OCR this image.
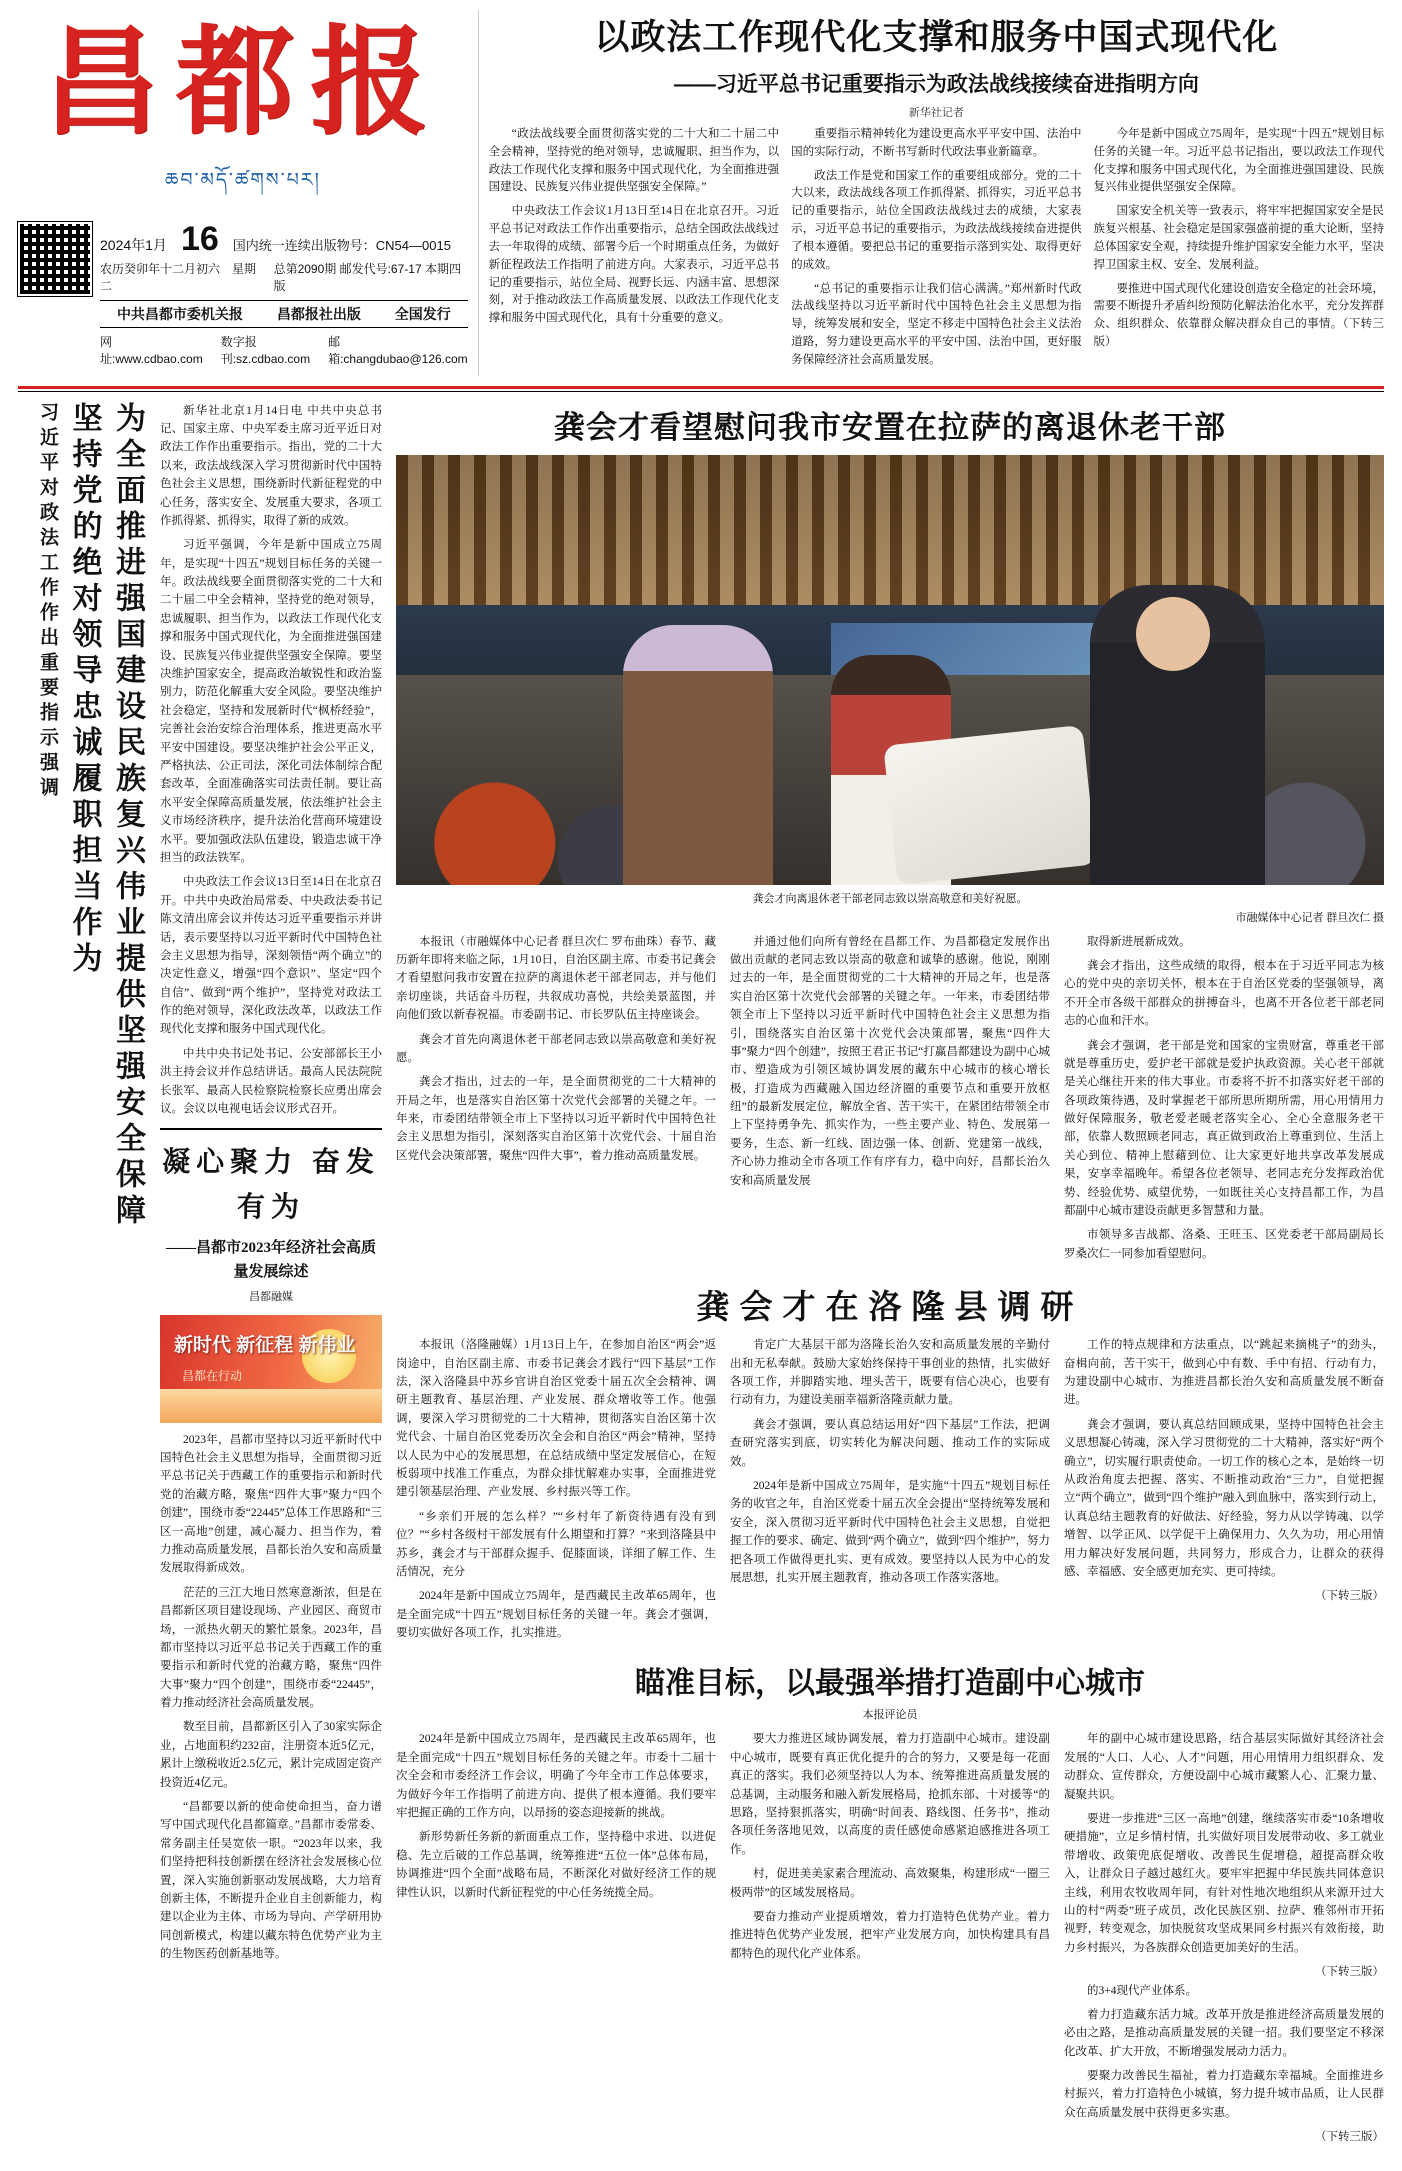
昌都报
ཆབ་མདོ་ཚགས་པར།
2024年1月 16 国内统一连续出版物号：CN54—0015
农历癸卯年十二月初六　星期二
总第2090期 邮发代号:67-17 本期四版
中共昌都市委机关报 昌都报社出版 全国发行
网 址:www.cdbao.com
数字报刊:sz.cdbao.com
邮 箱:changdubao@126.com
以政法工作现代化支撑和服务中国式现代化
——习近平总书记重要指示为政法战线接续奋进指明方向
新华社记者

“政法战线要全面贯彻落实党的二十大和二十届二中全会精神，坚持党的绝对领导，忠诚履职、担当作为，以政法工作现代化支撑和服务中国式现代化，为全面推进强国建设、民族复兴伟业提供坚强安全保障。”

中央政法工作会议1月13日至14日在北京召开。习近平总书记对政法工作作出重要指示，总结全国政法战线过去一年取得的成绩、部署今后一个时期重点任务，为做好新征程政法工作指明了前进方向。大家表示，习近平总书记的重要指示，站位全局、视野长远、内涵丰富、思想深刻，对于推动政法工作高质量发展、以政法工作现代化支撑和服务中国式现代化，具有十分重要的意义。

重要指示精神转化为建设更高水平平安中国、法治中国的实际行动，不断书写新时代政法事业新篇章。

政法工作是党和国家工作的重要组成部分。党的二十大以来，政法战线各项工作抓得紧、抓得实，习近平总书记的重要指示，站位全国政法战线过去的成绩，大家表示，习近平总书记的重要指示，为政法战线接续奋进提供了根本遵循。要把总书记的重要指示落到实处、取得更好的成效。

“总书记的重要指示让我们信心满满。”郑州新时代政法战线坚持以习近平新时代中国特色社会主义思想为指导，统筹发展和安全，坚定不移走中国特色社会主义法治道路，努力建设更高水平的平安中国、法治中国，更好服务保障经济社会高质量发展。

今年是新中国成立75周年，是实现“十四五”规划目标任务的关键一年。习近平总书记指出，要以政法工作现代化支撑和服务中国式现代化，为全面推进强国建设、民族复兴伟业提供坚强安全保障。

国家安全机关等一致表示，将牢牢把握国家安全是民族复兴根基、社会稳定是国家强盛前提的重大论断，坚持总体国家安全观，持续提升维护国家安全能力水平，坚决捍卫国家主权、安全、发展利益。

要推进中国式现代化建设创造安全稳定的社会环境，需要不断提升矛盾纠纷预防化解法治化水平，充分发挥群众、组织群众、依靠群众解决群众自己的事情。（下转三版）

为全面推进强国建设民族复兴伟业提供坚强安全保障
坚持党的绝对领导忠诚履职担当作为
习近平对政法工作作出重要指示强调	新华社北京1月14日电 中共中央总书记、国家主席、中央军委主席习近平近日对政法工作作出重要指示。指出，党的二十大以来，政法战线深入学习贯彻新时代中国特色社会主义思想，围绕新时代新征程党的中心任务，落实安全、发展重大要求，各项工作抓得紧、抓得实，取得了新的成效。

习近平强调，今年是新中国成立75周年，是实现“十四五”规划目标任务的关键一年。政法战线要全面贯彻落实党的二十大和二十届二中全会精神，坚持党的绝对领导，忠诚履职、担当作为，以政法工作现代化支撑和服务中国式现代化，为全面推进强国建设、民族复兴伟业提供坚强安全保障。要坚决维护国家安全，提高政治敏锐性和政治鉴别力，防范化解重大安全风险。要坚决维护社会稳定，坚持和发展新时代“枫桥经验”，完善社会治安综合治理体系，推进更高水平平安中国建设。要坚决维护社会公平正义，严格执法、公正司法，深化司法体制综合配套改革，全面准确落实司法责任制。要让高水平安全保障高质量发展，依法维护社会主义市场经济秩序，提升法治化营商环境建设水平。要加强政法队伍建设，锻造忠诚干净担当的政法铁军。

中央政法工作会议13日至14日在北京召开。中共中央政治局常委、中央政法委书记陈文清出席会议并传达习近平重要指示并讲话，表示要坚持以习近平新时代中国特色社会主义思想为指导，深刻领悟“两个确立”的决定性意义，增强“四个意识”、坚定“四个自信”、做到“两个维护”，坚持党对政法工作的绝对领导，深化政法改革，以政法工作现代化支撑和服务中国式现代化。

中共中央书记处书记、公安部部长王小洪主持会议并作总结讲话。最高人民法院院长张军、最高人民检察院检察长应勇出席会议。会议以电视电话会议形式召开。

凝心聚力 奋发有为
——昌都市2023年经济社会高质量发展综述
昌都融媒
新时代 新征程 新伟业
昌都在行动

2023年，昌都市坚持以习近平新时代中国特色社会主义思想为指导，全面贯彻习近平总书记关于西藏工作的重要指示和新时代党的治藏方略，聚焦“四件大事”聚力“四个创建”，围绕市委“22445”总体工作思路和“三区一高地”创建，减心凝力、担当作为，着力推动高质量发展，昌都长治久安和高质量发展取得新成效。

茫茫的三江大地日然寒意渐浓，但是在昌都新区项目建设现场、产业园区、商贸市场，一派热火朝天的繁忙景象。2023年，昌都市坚持以习近平总书记关于西藏工作的重要指示和新时代党的治藏方略，聚焦“四件大事”聚力“四个创建”，围绕市委“22445”，着力推动经济社会高质量发展。

数至目前，昌都新区引入了30家实际企业，占地面积约232亩，注册资本近5亿元，累计上缴税收近2.5亿元，累计完成固定资产投资近4亿元。

“昌都要以新的使命使命担当，奋力谱写中国式现代化昌都篇章。”昌都市委常委、常务副主任吴宽依一职。“2023年以来，我们坚持把科技创新摆在经济社会发展核心位置，深入实施创新驱动发展战略，大力培育创新主体，不断提升企业自主创新能力，构建以企业为主体、市场为导向、产学研用协同创新模式，构建以藏东特色优势产业为主的生物医药创新基地等。

龚会才看望慰问我市安置在拉萨的离退休老干部
龚会才向离退休老干部老同志致以崇高敬意和美好祝愿。
市融媒体中心记者 群旦次仁 摄

本报讯（市融媒体中心记者 群旦次仁 罗布曲珠）春节、藏历新年即将来临之际，1月10日，自治区副主席、市委书记龚会才看望慰问我市安置在拉萨的离退休老干部老同志，并与他们亲切座谈，共话奋斗历程，共叙成功喜悦，共绘美景蓝图，并向他们致以新春祝福。市委副书记、市长罗队伍主持座谈会。

龚会才首先向离退休老干部老同志致以崇高敬意和美好祝愿。

龚会才指出，过去的一年，是全面贯彻党的二十大精神的开局之年，也是落实自治区第十次党代会部署的关键之年。一年来，市委团结带领全市上下坚持以习近平新时代中国特色社会主义思想为指引，深刻落实自治区第十次党代会、十届自治区党代会决策部署，聚焦“四件大事”，着力推动高质量发展。

并通过他们向所有曾经在昌都工作、为昌都稳定发展作出做出贡献的老同志致以崇高的敬意和诚挚的感谢。他说，刚刚过去的一年，是全面贯彻党的二十大精神的开局之年，也是落实自治区第十次党代会部署的关键之年。一年来，市委团结带领全市上下坚持以习近平新时代中国特色社会主义思想为指引，围绕落实自治区第十次党代会决策部署，聚焦“四件大事”聚力“四个创建”，按照王君正书记“打赢昌都建设为副中心城市、塑造成为引领区域协调发展的藏东中心城市的核心增长极，打造成为西藏融入国边经济圈的重要节点和重要开放枢纽”的最新发展定位，解放全省、苦干实干，在紧团结带领全市上下坚持勇争先、抓实作为，一些主要产业、特色、发展第一要务，生态、新一红线、固边强一体、创新、党建第一战线，齐心协力推动全市各项工作有序有力，稳中向好，昌都长治久安和高质量发展

取得新进展新成效。

龚会才指出，这些成绩的取得，根本在于习近平同志为核心的党中央的亲切关怀，根本在于自治区党委的坚强领导，离不开全市各级干部群众的拼搏奋斗，也离不开各位老干部老同志的心血和汗水。

龚会才强调，老干部是党和国家的宝贵财富，尊重老干部就是尊重历史，爱护老干部就是爱护执政资源。关心老干部就是关心继往开来的伟大事业。市委将不折不扣落实好老干部的各项政策待遇，及时掌握老干部所思所期所需，用心用情用力做好保障服务，敬老爱老暖老落实全心、全心全意服务老干部，依靠人数照顾老同志，真正做到政治上尊重到位、生活上关心到位、精神上慰藉到位、让大家更好地共享改革发展成果，安享幸福晚年。希望各位老领导、老同志充分发挥政治优势、经验优势、威望优势，一如既往关心支持昌都工作，为昌都副中心城市建设贡献更多智慧和力量。

市领导多吉战都、洛桑、王旺玉、区党委老干部局副局长罗桑次仁一同参加看望慰问。

龚会才在洛隆县调研

本报讯（洛隆融媒）1月13日上午，在参加自治区“两会”返岗途中，自治区副主席、市委书记龚会才践行“四下基层”工作法，深入洛隆县中苏乡官讲自治区党委十届五次全会精神、调研主题教育、基层治理、产业发展、群众增收等工作。他强调，要深入学习贯彻党的二十大精神，贯彻落实自治区第十次党代会、十届自治区党委历次全会和自治区“两会”精神，坚持以人民为中心的发展思想，在总结成绩中坚定发展信心，在短板弱项中找准工作重点，为群众排忧解难办实事，全面推进党建引领基层治理、产业发展、乡村振兴等工作。

“乡亲们开展的怎么样？”“乡村年了新资待遇有没有到位？”“乡村各级村干部发展有什么期望和打算？”来到洛隆县中苏乡，龚会才与干部群众握手、促膝面谈，详细了解工作、生活情况，充分

2024年是新中国成立75周年，是西藏民主改革65周年，也是全面完成“十四五”规划目标任务的关键一年。龚会才强调，要切实做好各项工作，扎实推进。

肯定广大基层干部为洛隆长治久安和高质量发展的辛勤付出和无私奉献。鼓励大家始终保持干事创业的热情，扎实做好各项工作，并脚踏实地、埋头苦干，既要有信心决心，也要有行动有力，为建设美丽幸福新洛隆贡献力量。

龚会才强调，要认真总结运用好“四下基层”工作法，把调查研究落实到底，切实转化为解决问题、推动工作的实际成效。

2024年是新中国成立75周年，是实施“十四五”规划目标任务的收官之年，自治区党委十届五次全会提出“坚持统筹发展和安全，深入贯彻习近平新时代中国特色社会主义思想，自觉把握工作的要求、确定、做到“两个确立”，做到“四个维护”，努力把各项工作做得更扎实、更有成效。要坚持以人民为中心的发展思想，扎实开展主题教育，推动各项工作落实落地。

工作的特点规律和方法重点，以“跳起来摘桃子”的劲头，奋楫向前，苦干实干，做到心中有数、手中有招、行动有力，为建设副中心城市、为推进昌都长治久安和高质量发展不断奋进。

龚会才强调，要认真总结回顾成果，坚持中国特色社会主义思想凝心铸魂，深入学习贯彻党的二十大精神，落实好“两个确立”，切实履行职责使命。一切工作的核心之本，是始终一切从政治角度去把握、落实、不断推动政治“三力”，自觉把握立“两个确立”，做到“四个维护”融入到血脉中，落实到行动上，认真总结主题教育的好做法、好经验，努力从以学铸魂、以学增智、以学正风、以学促干上确保用力、久久为功，用心用情用力解决好发展问题，共同努力，形成合力，让群众的获得感、幸福感、安全感更加充实、更可持续。

（下转三版）
瞄准目标，以最强举措打造副中心城市
本报评论员

2024年是新中国成立75周年，是西藏民主改革65周年，也是全面完成“十四五”规划目标任务的关键之年。市委十二届十次全会和市委经济工作会议，明确了今年全市工作总体要求，为做好今年工作指明了前进方向、提供了根本遵循。我们要牢牢把握正确的工作方向，以昂扬的姿态迎接新的挑战。

新形势新任务新的新面重点工作，坚持稳中求进、以进促稳、先立后破的工作总基调，统筹推进“五位一体”总体布局，协调推进“四个全面”战略布局，不断深化对做好经济工作的规律性认识，以新时代新征程党的中心任务统揽全局。

要大力推进区域协调发展，着力打造副中心城市。建设副中心城市，既要有真正优化提升的合的努力，又要是每一花面真正的落实。我们必须坚持以人为本、统筹推进高质量发展的总基调，主动服务和融入新发展格局，抢抓东部、十对援等“的思路，坚持狠抓落实，明确“时间表、路线图、任务书”，推动各项任务落地见效，以高度的责任感使命感紧迫感推进各项工作。

村，促进美美家素合理流动、高效聚集，构建形成“一圈三极两带”的区域发展格局。

要奋力推动产业提质增效，着力打造特色优势产业。着力推进特色优势产业发展，把牢产业发展方向，加快构建具有昌都特色的现代化产业体系。

年的副中心城市建设思路，结合基层实际做好其经济社会发展的“人口、人心、人才”问题，用心用情用力组织群众、发动群众、宣传群众，方便设副中心城市藏繁人心、汇聚力量、凝聚共识。

要进一步推进“三区一高地”创建，继续落实市委“10条增收硬措施”，立足乡情村情，扎实做好项目发展带动收、多工就业带增收、政策兜底促增收、改善民生促增稳，超提高群众收入，让群众日子越过越红火。要牢牢把握中华民族共同体意识主线，利用农牧收周年同，有针对性地次地组织从来源开过大山的村“两委”班子成员，改化民族区别、拉萨、雅邻州市开拓视野，转变观念，加快脱贫攻坚成果同乡村振兴有效衔接，助力乡村振兴，为各族群众创造更加美好的生活。

（下转三版）

的3+4现代产业体系。

着力打造藏东活力城。改革开放是推进经济高质量发展的必由之路，是推动高质量发展的关键一招。我们要坚定不移深化改革、扩大开放，不断增强发展动力活力。

要聚力改善民生福祉，着力打造藏东幸福城。全面推进乡村振兴，着力打造特色小城镇，努力提升城市品质，让人民群众在高质量发展中获得更多实惠。

（下转三版）
